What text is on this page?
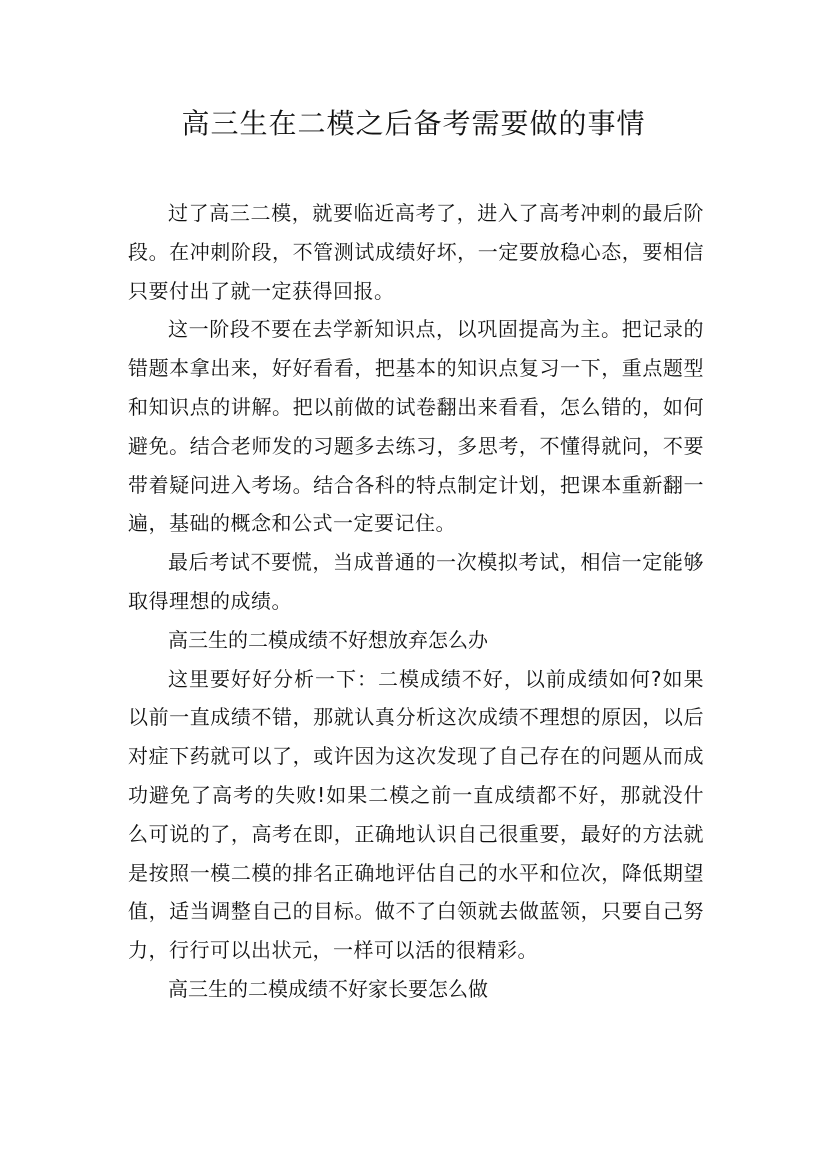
高三生在二模之后备考需要做的事情

过了高三二模，就要临近高考了，进入了高考冲刺的最后阶段。在冲刺阶段，不管测试成绩好坏，一定要放稳心态，要相信只要付出了就一定获得回报。

这一阶段不要在去学新知识点，以巩固提高为主。把记录的错题本拿出来，好好看看，把基本的知识点复习一下，重点题型和知识点的讲解。把以前做的试卷翻出来看看，怎么错的，如何避免。结合老师发的习题多去练习，多思考，不懂得就问，不要带着疑问进入考场。结合各科的特点制定计划，把课本重新翻一遍，基础的概念和公式一定要记住。

最后考试不要慌，当成普通的一次模拟考试，相信一定能够取得理想的成绩。

高三生的二模成绩不好想放弃怎么办

这里要好好分析一下：二模成绩不好，以前成绩如何?如果以前一直成绩不错，那就认真分析这次成绩不理想的原因，以后对症下药就可以了，或许因为这次发现了自己存在的问题从而成功避免了高考的失败!如果二模之前一直成绩都不好，那就没什么可说的了，高考在即，正确地认识自己很重要，最好的方法就是按照一模二模的排名正确地评估自己的水平和位次，降低期望值，适当调整自己的目标。做不了白领就去做蓝领，只要自己努力，行行可以出状元，一样可以活的很精彩。

高三生的二模成绩不好家长要怎么做
